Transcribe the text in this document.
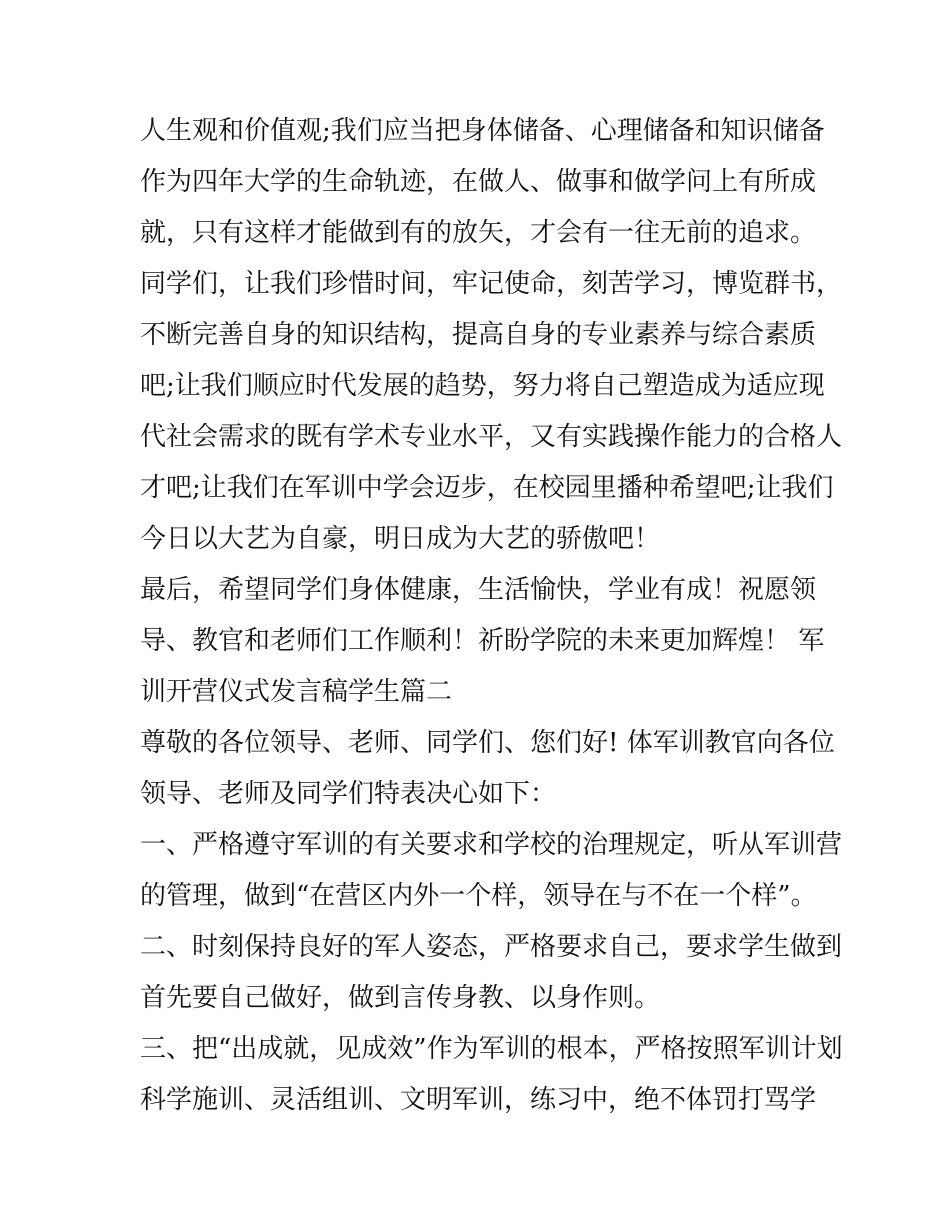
人生观和价值观;我们应当把身体储备、心理储备和知识储备

作为四年大学的生命轨迹，在做人、做事和做学问上有所成

就，只有这样才能做到有的放矢，才会有一往无前的追求。

同学们，让我们珍惜时间，牢记使命，刻苦学习，博览群书，

不断完善自身的知识结构，提高自身的专业素养与综合素质

吧;让我们顺应时代发展的趋势，努力将自己塑造成为适应现

代社会需求的既有学术专业水平，又有实践操作能力的合格人

才吧;让我们在军训中学会迈步，在校园里播种希望吧;让我们

今日以大艺为自豪，明日成为大艺的骄傲吧！

最后，希望同学们身体健康，生活愉快，学业有成！祝愿领

导、教官和老师们工作顺利！祈盼学院的未来更加辉煌！ 军

训开营仪式发言稿学生篇二

尊敬的各位领导、老师、同学们、您们好! 体军训教官向各位

领导、老师及同学们特表决心如下：

一、严格遵守军训的有关要求和学校的治理规定，听从军训营

的管理，做到“在营区内外一个样，领导在与不在一个样”。

二、时刻保持良好的军人姿态，严格要求自己，要求学生做到

首先要自己做好，做到言传身教、以身作则。

三、把“出成就，见成效”作为军训的根本，严格按照军训计划

科学施训、灵活组训、文明军训，练习中，绝不体罚打骂学
